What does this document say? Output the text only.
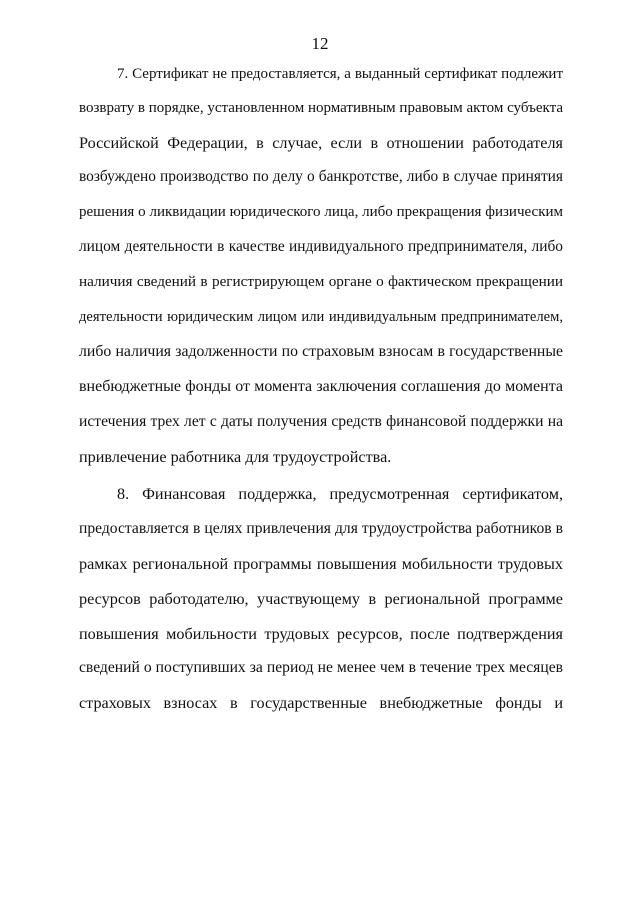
12
7. Сертификат не предоставляется, а выданный сертификат подлежит
возврату в порядке, установленном нормативным правовым актом субъекта
Российской Федерации, в случае, если в отношении работодателя
возбуждено производство по делу о банкротстве, либо в случае принятия
решения о ликвидации юридического лица, либо прекращения физическим
лицом деятельности в качестве индивидуального предпринимателя, либо
наличия сведений в регистрирующем органе о фактическом прекращении
деятельности юридическим лицом или индивидуальным предпринимателем,
либо наличия задолженности по страховым взносам в государственные
внебюджетные фонды от момента заключения соглашения до момента
истечения трех лет с даты получения средств финансовой поддержки на
привлечение работника для трудоустройства.
8. Финансовая поддержка, предусмотренная сертификатом,
предоставляется в целях привлечения для трудоустройства работников в
рамках региональной программы повышения мобильности трудовых
ресурсов работодателю, участвующему в региональной программе
повышения мобильности трудовых ресурсов, после подтверждения
сведений о поступивших за период не менее чем в течение трех месяцев
страховых взносах в государственные внебюджетные фонды и
